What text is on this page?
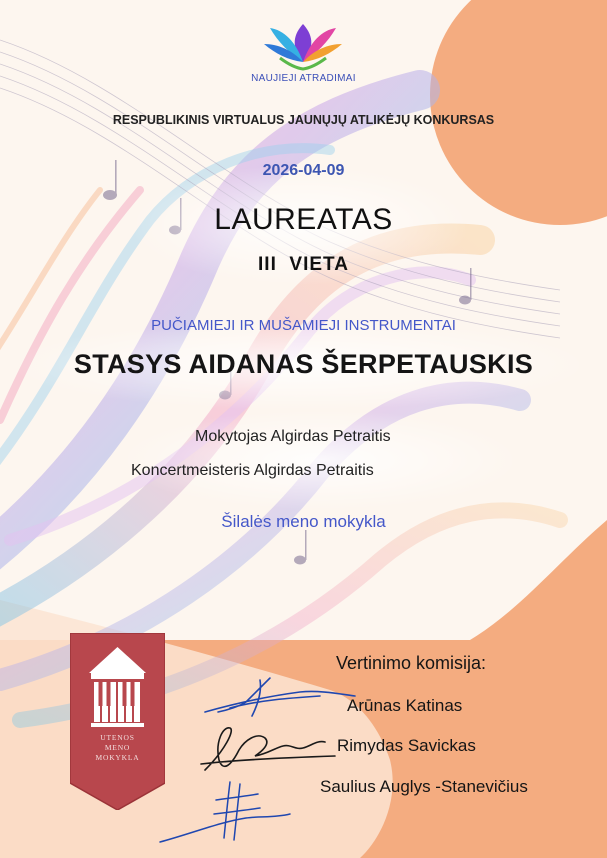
NAUJIEJI ATRADIMAI
RESPUBLIKINIS VIRTUALUS JAUNŲJŲ ATLIKĖJŲ KONKURSAS
2026-04-09
LAUREATAS
III  VIETA
PUČIAMIEJI IR MUŠAMIEJI INSTRUMENTAI
STASYS AIDANAS ŠERPETAUSKIS
Mokytojas Algirdas Petraitis
Koncertmeisteris Algirdas Petraitis
Šilalės meno mokykla
UTENOS
MENO
MOKYKLA
Vertinimo komisija:
Arūnas Katinas
Rimydas Savickas
Saulius Auglys -Stanevičius
